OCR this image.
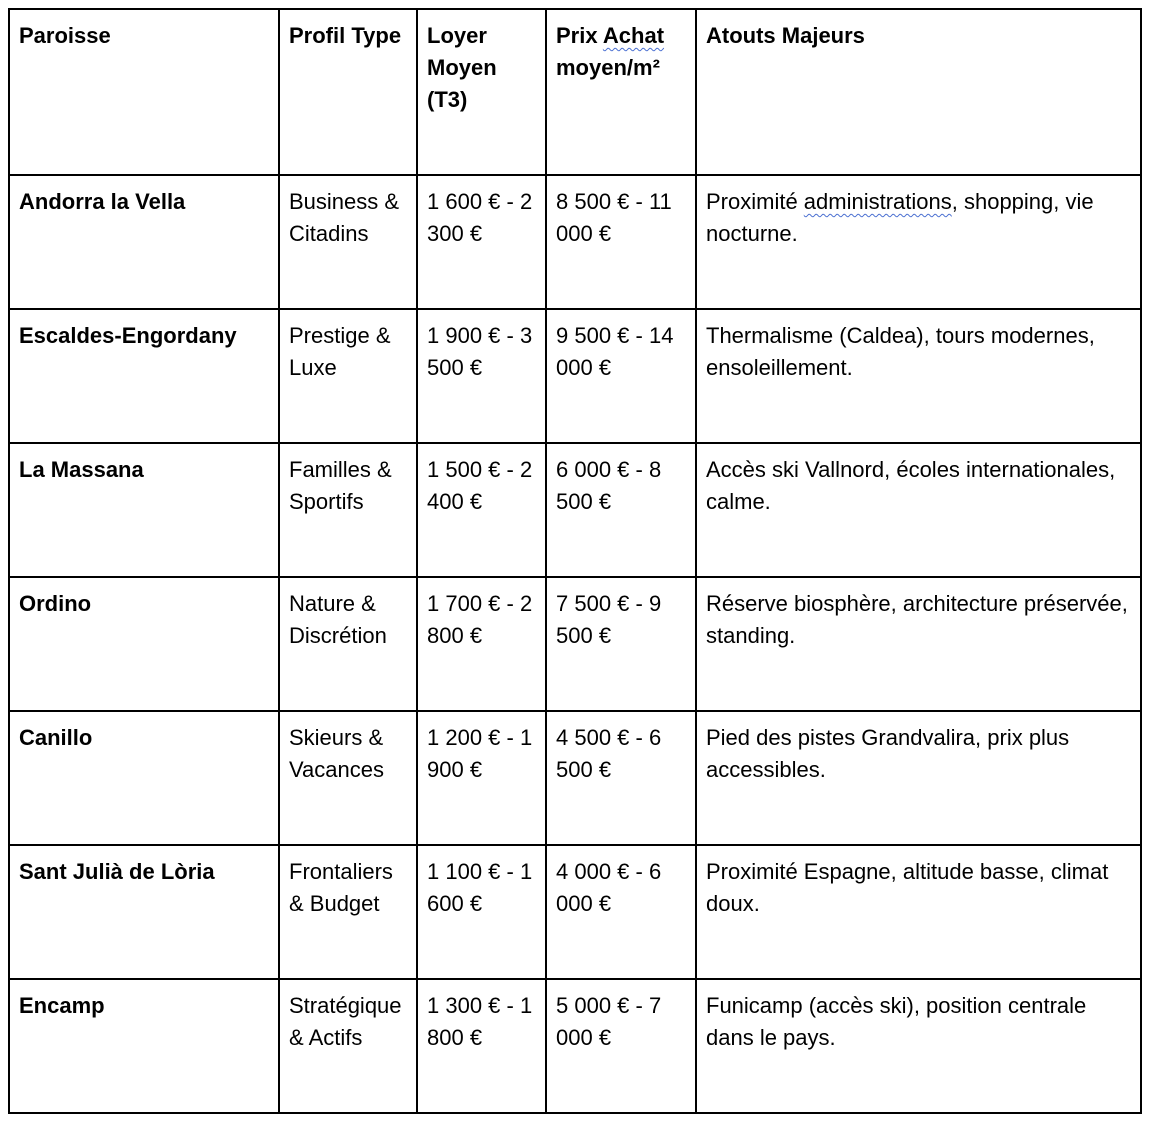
Paroisse	Profil Type	Loyer Moyen (T3)	Prix Achat moyen/m²	Atouts Majeurs
Andorra la Vella	Business & Citadins	1 600 € - 2 300 €	8 500 € - 11 000 €	Proximité administrations, shopping, vie nocturne.
Escaldes-Engordany	Prestige & Luxe	1 900 € - 3 500 €	9 500 € - 14 000 €	Thermalisme (Caldea), tours modernes, ensoleillement.
La Massana	Familles & Sportifs	1 500 € - 2 400 €	6 000 € - 8 500 €	Accès ski Vallnord, écoles internationales, calme.
Ordino	Nature & Discrétion	1 700 € - 2 800 €	7 500 € - 9 500 €	Réserve biosphère, architecture préservée, standing.
Canillo	Skieurs & Vacances	1 200 € - 1 900 €	4 500 € - 6 500 €	Pied des pistes Grandvalira, prix plus accessibles.
Sant Julià de Lòria	Frontaliers & Budget	1 100 € - 1 600 €	4 000 € - 6 000 €	Proximité Espagne, altitude basse, climat doux.
Encamp	Stratégique & Actifs	1 300 € - 1 800 €	5 000 € - 7 000 €	Funicamp (accès ski), position centrale dans le pays.
